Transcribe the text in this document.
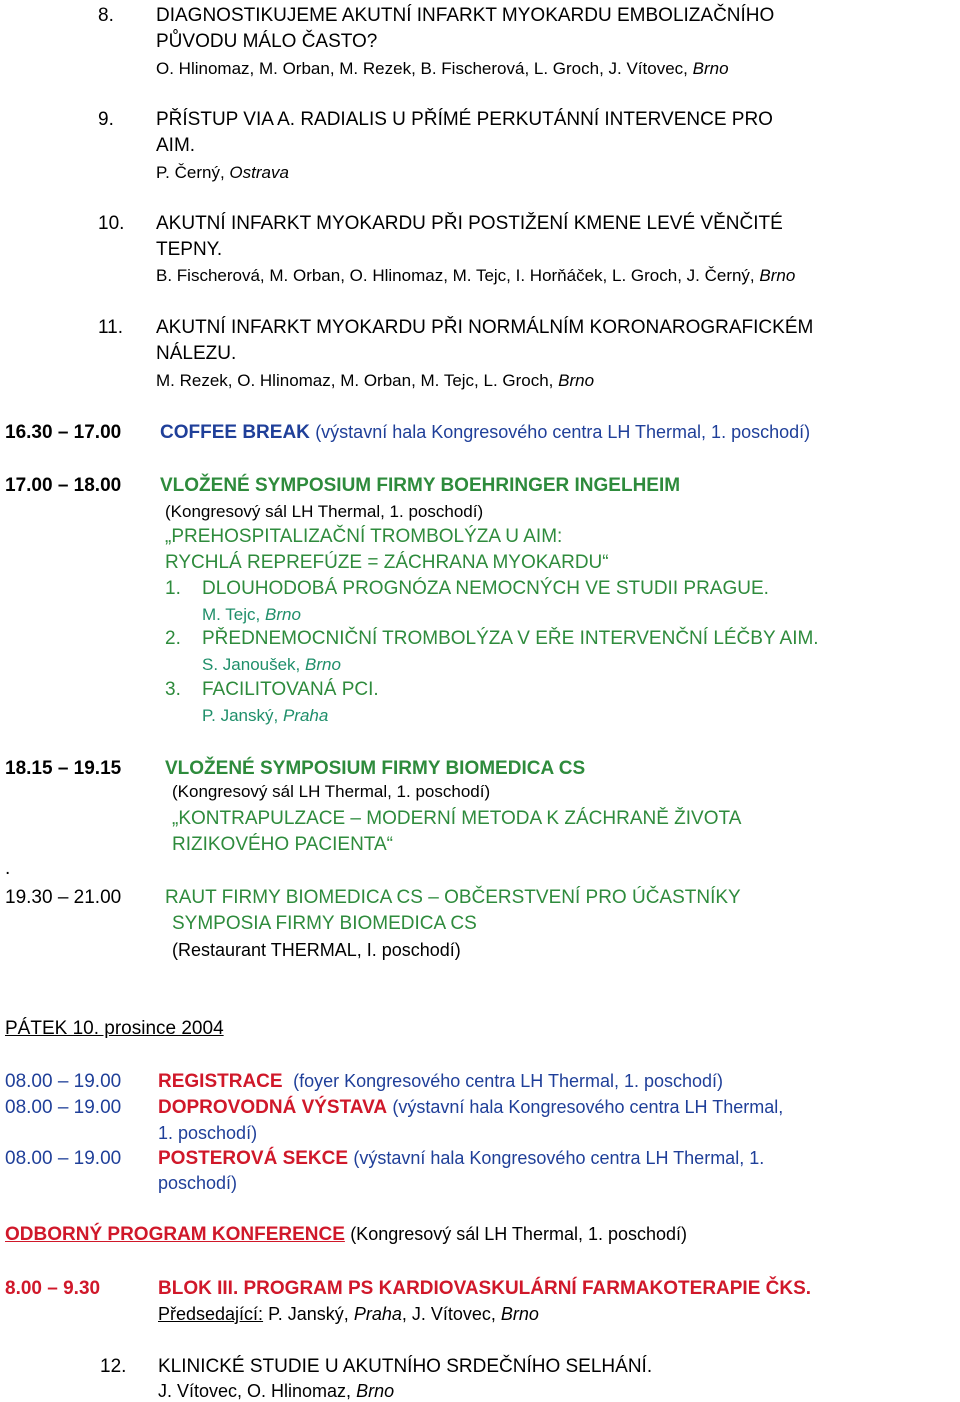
8. DIAGNOSTIKUJEME AKUTNÍ INFARKT MYOKARDU EMBOLIZAČNÍHO
PŮVODU MÁLO ČASTO?
O. Hlinomaz, M. Orban, M. Rezek, B. Fischerová, L. Groch, J. Vítovec, Brno
9. PŘÍSTUP VIA A. RADIALIS U PŘÍMÉ PERKUTÁNNÍ INTERVENCE PRO
AIM.
P. Černý, Ostrava
10. AKUTNÍ INFARKT MYOKARDU PŘI POSTIŽENÍ KMENE LEVÉ VĚNČITÉ
TEPNY.
B. Fischerová, M. Orban, O. Hlinomaz, M. Tejc, I. Horňáček, L. Groch, J. Černý, Brno
11. AKUTNÍ INFARKT MYOKARDU PŘI NORMÁLNÍM KORONAROGRAFICKÉM
NÁLEZU.
M. Rezek, O. Hlinomaz, M. Orban, M. Tejc, L. Groch, Brno
16.30 – 17.00 COFFEE BREAK (výstavní hala Kongresového centra LH Thermal, 1. poschodí)
17.00 – 18.00 VLOŽENÉ SYMPOSIUM FIRMY BOEHRINGER INGELHEIM
(Kongresový sál LH Thermal, 1. poschodí)
„PREHOSPITALIZAČNÍ TROMBOLÝZA U AIM:
RYCHLÁ REPREFÚZE = ZÁCHRANA MYOKARDU“
1. DLOUHODOBÁ PROGNÓZA NEMOCNÝCH VE STUDII PRAGUE.
M. Tejc, Brno
2. PŘEDNEMOCNIČNÍ TROMBOLÝZA V EŘE INTERVENČNÍ LÉČBY AIM.
S. Janoušek, Brno
3. FACILITOVANÁ PCI.
P. Janský, Praha
18.15 – 19.15 VLOŽENÉ SYMPOSIUM FIRMY BIOMEDICA CS
(Kongresový sál LH Thermal, 1. poschodí)
„KONTRAPULZACE – MODERNÍ METODA K ZÁCHRANĚ ŽIVOTA
RIZIKOVÉHO PACIENTA“
.
19.30 – 21.00 RAUT FIRMY BIOMEDICA CS – OBČERSTVENÍ PRO ÚČASTNÍKY
SYMPOSIA FIRMY BIOMEDICA CS
(Restaurant THERMAL, I. poschodí)
PÁTEK 10. prosince 2004
08.00 – 19.00 REGISTRACE (foyer Kongresového centra LH Thermal, 1. poschodí)
08.00 – 19.00 DOPROVODNÁ VÝSTAVA (výstavní hala Kongresového centra LH Thermal,
1. poschodí)
08.00 – 19.00 POSTEROVÁ SEKCE (výstavní hala Kongresového centra LH Thermal, 1.
poschodí)
ODBORNÝ PROGRAM KONFERENCE (Kongresový sál LH Thermal, 1. poschodí)
8.00 – 9.30	BLOK III. PROGRAM PS KARDIOVASKULÁRNÍ FARMAKOTERAPIE ČKS.
Předsedající: P. Janský, Praha, J. Vítovec, Brno
12. KLINICKÉ STUDIE U AKUTNÍHO SRDEČNÍHO SELHÁNÍ.
J. Vítovec, O. Hlinomaz, Brno
